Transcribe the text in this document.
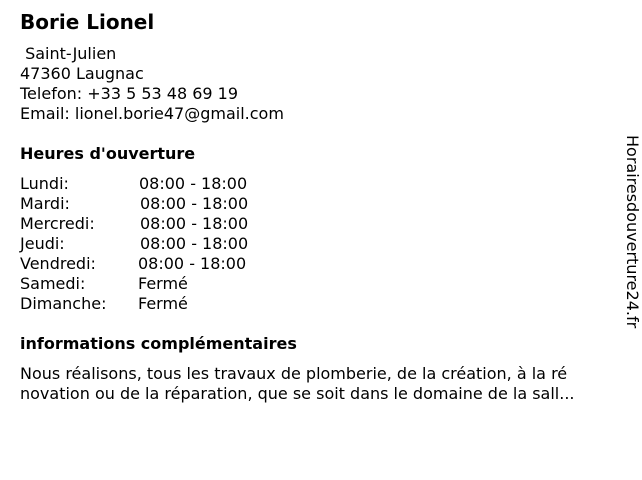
Borie Lionel
Saint-Julien
47360 Laugnac
Telefon: +33 5 53 48 69 19
Email: lionel.borie47@gmail.com
Heures d'ouverture
Lundi:	08:00 - 18:00
Mardi:	08:00 - 18:00
Mercredi:	08:00 - 18:00
Jeudi:	08:00 - 18:00
Vendredi:	08:00 - 18:00
Samedi:	Fermé
Dimanche: Fermé
informations complémentaires
Nous réalisons, tous les travaux de plomberie, de la création, à la ré
novation ou de la réparation, que se soit dans le domaine de la sall...
Horairesdouverture24.fr
